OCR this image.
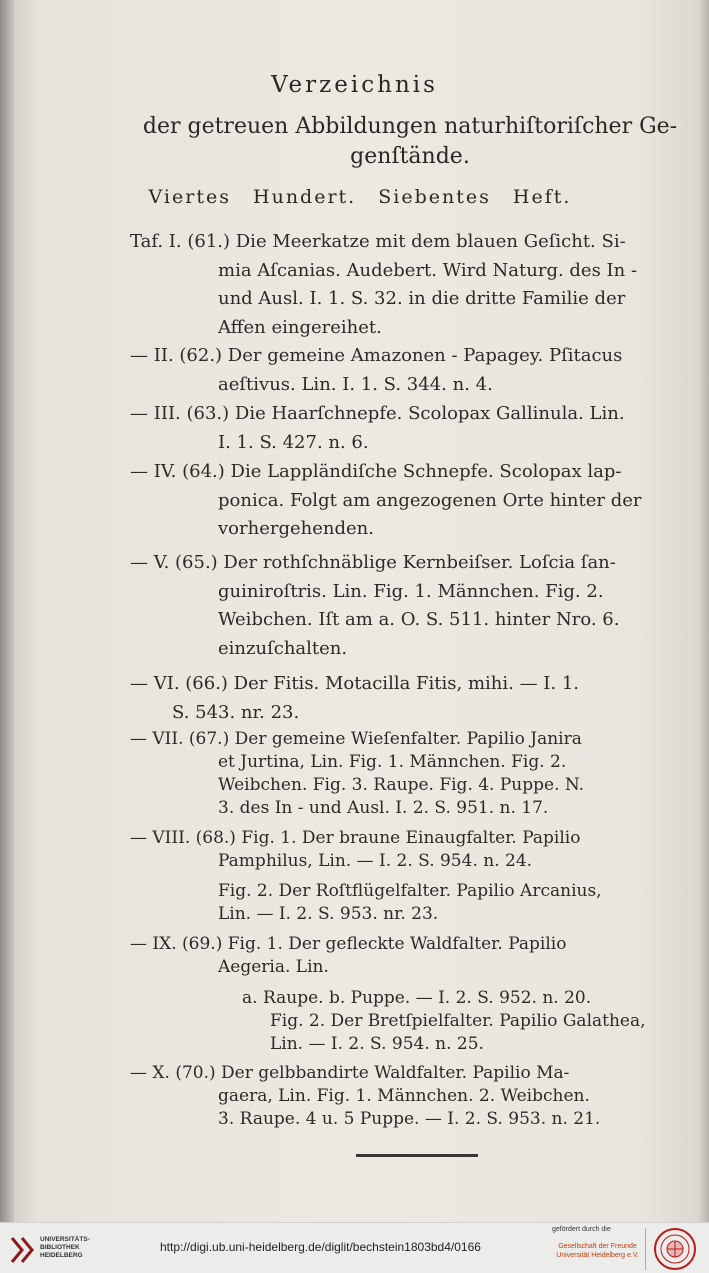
Verzeichnis
der getreuen Abbildungen naturhiſtoriſcher Ge-
genſtände.
Viertes Hundert. Siebentes Heft.
Taf. I. (61.) Die Meerkatze mit dem blauen Geſicht. Si-
mia Aſcanias. Audebert. Wird Naturg. des In -
und Ausl. I. 1. S. 32. in die dritte Familie der
Affen eingereihet.
— II. (62.) Der gemeine Amazonen - Papagey. Pſitacus
aeſtivus. Lin. I. 1. S. 344. n. 4.
— III. (63.) Die Haarſchnepfe. Scolopax Gallinula. Lin.
I. 1. S. 427. n. 6.
— IV. (64.) Die Lappländiſche Schnepfe. Scolopax lap-
ponica. Folgt am angezogenen Orte hinter der
vorhergehenden.
— V. (65.) Der rothſchnäblige Kernbeiſser. Loſcia ſan-
guiniroſtris. Lin. Fig. 1. Männchen. Fig. 2.
Weibchen. Iſt am a. O. S. 511. hinter Nro. 6.
einzuſchalten.
— VI. (66.) Der Fitis. Motacilla Fitis, mihi. — I. 1.
S. 543. nr. 23.
— VII. (67.) Der gemeine Wieſenfalter. Papilio Janira
et Jurtina, Lin. Fig. 1. Männchen. Fig. 2.
Weibchen. Fig. 3. Raupe. Fig. 4. Puppe. N.
3. des In - und Ausl. I. 2. S. 951. n. 17.
— VIII. (68.) Fig. 1. Der braune Einaugfalter. Papilio
Pamphilus, Lin. — I. 2. S. 954. n. 24.
Fig. 2. Der Roſtflügelfalter. Papilio Arcanius,
Lin. — I. 2. S. 953. nr. 23.
— IX. (69.) Fig. 1. Der gefleckte Waldfalter. Papilio
Aegeria. Lin.
a. Raupe. b. Puppe. — I. 2. S. 952. n. 20.
Fig. 2. Der Bretſpielfalter. Papilio Galathea,
Lin. — I. 2. S. 954. n. 25.
— X. (70.) Der gelbbandirte Waldfalter. Papilio Ma-
gaera, Lin. Fig. 1. Männchen. 2. Weibchen.
3. Raupe. 4 u. 5 Puppe. — I. 2. S. 953. n. 21.
UNIVERSITÄTS-
BIBLIOTHEK
HEIDELBERG
http://digi.ub.uni-heidelberg.de/diglit/bechstein1803bd4/0166
gefördert durch die
Gesellschaft der Freunde
Universität Heidelberg e.V.
